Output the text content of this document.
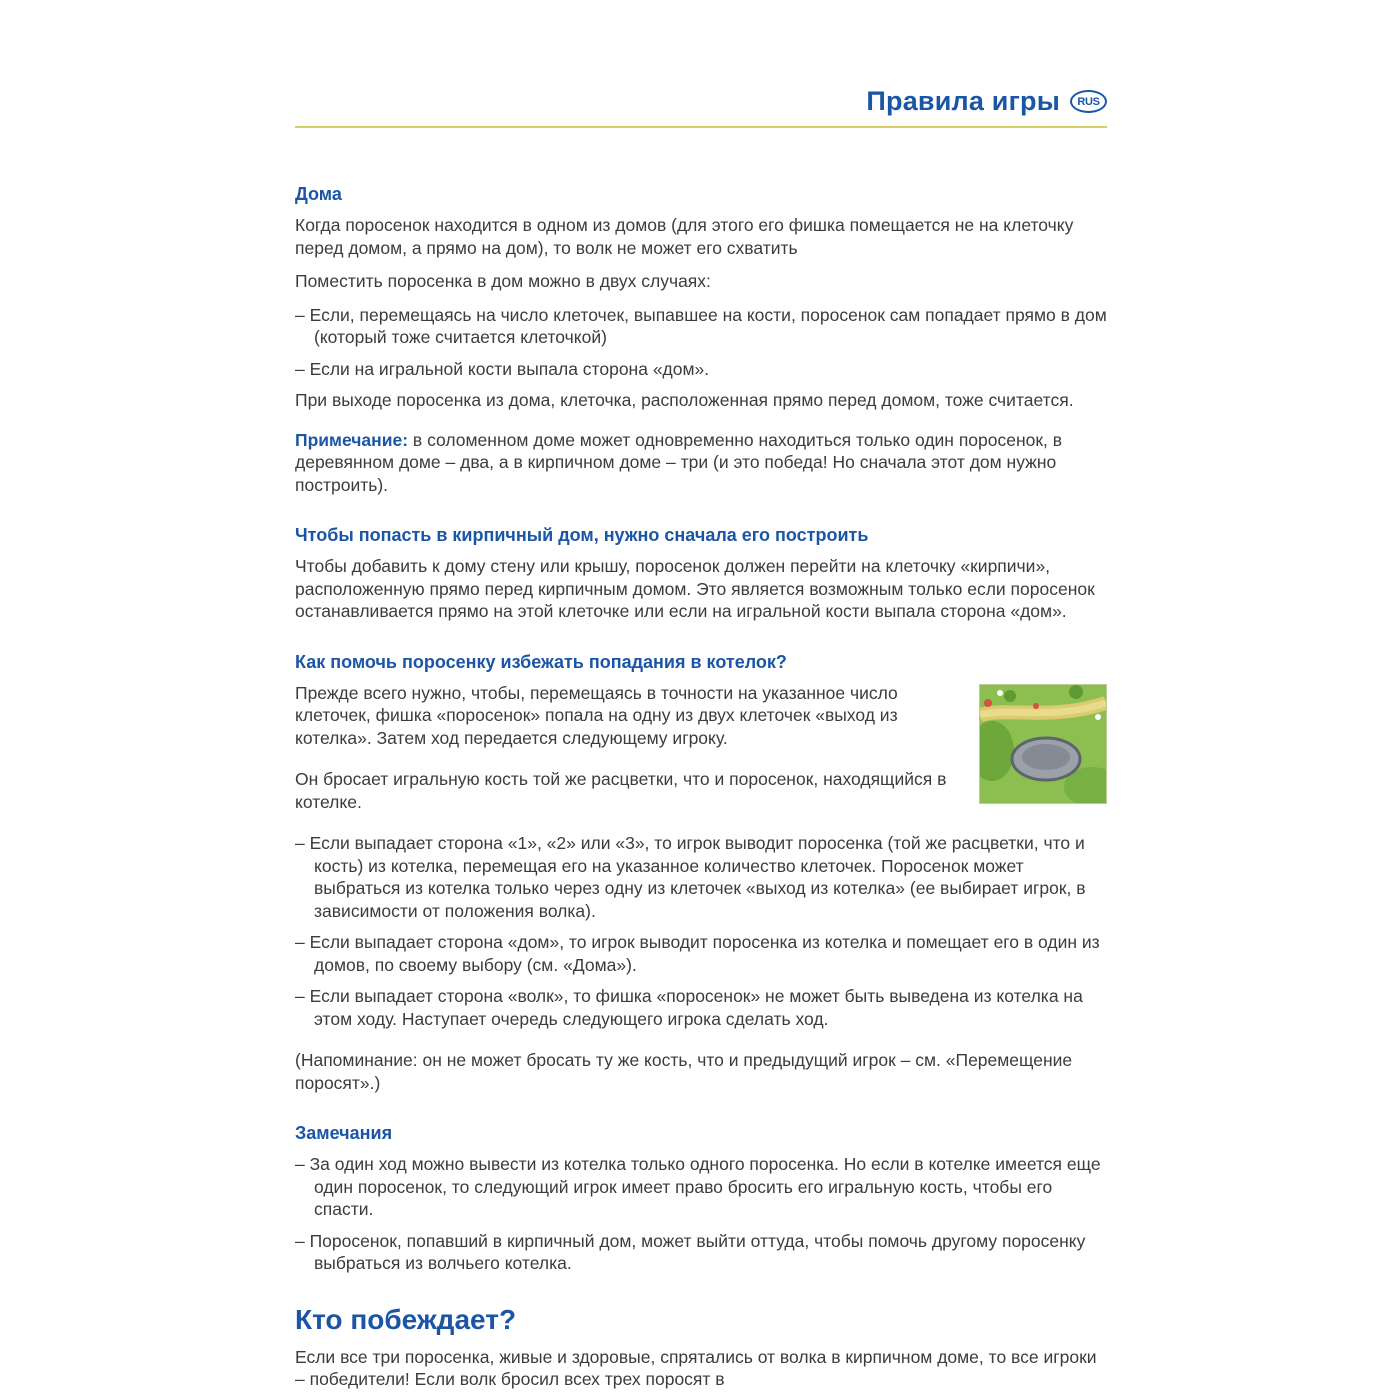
Правила игры RUS
Дома

Когда поросенок находится в одном из домов (для этого его фишка помещается не на клеточку перед домом, а прямо на дом), то волк не может его схватить

Поместить поросенка в дом можно в двух случаях:

– Если, перемещаясь на число клеточек, выпавшее на кости, поросенок сам попадает прямо в дом (который тоже считается клеточкой)

– Если на игральной кости выпала сторона «дом».

При выходе поросенка из дома, клеточка, расположенная прямо перед домом, тоже считается.

Примечание: в соломенном доме может одновременно находиться только один поросенок, в деревянном доме – два, а в кирпичном доме – три (и это победа! Но сначала этот дом нужно построить).

Чтобы попасть в кирпичный дом, нужно сначала его построить

Чтобы добавить к дому стену или крышу, поросенок должен перейти на клеточку «кирпичи», расположенную прямо перед кирпичным домом. Это является возможным только если поросенок останавливается прямо на этой клеточке или если на игральной кости выпала сторона «дом».

Как помочь поросенку избежать попадания в котелок?

Прежде всего нужно, чтобы, перемещаясь в точности на указанное число клеточек, фишка «поросенок» попала на одну из двух клеточек «выход из котелка». Затем ход передается следующему игроку.

Он бросает игральную кость той же расцветки, что и поросенок, находящийся в котелке.

– Если выпадает сторона «1», «2» или «3», то игрок выводит поросенка (той же расцветки, что и кость) из котелка, перемещая его на указанное количество клеточек. Поросенок может выбраться из котелка только через одну из клеточек «выход из котелка» (ее выбирает игрок, в зависимости от положения волка).

– Если выпадает сторона «дом», то игрок выводит поросенка из котелка и помещает его в один из домов, по своему выбору (см. «Дома»).

– Если выпадает сторона «волк», то фишка «поросенок» не может быть выведена из котелка на этом ходу. Наступает очередь следующего игрока сделать ход.

(Напоминание: он не может бросать ту же кость, что и предыдущий игрок – см. «Перемещение поросят».)

Замечания

– За один ход можно вывести из котелка только одного поросенка. Но если в котелке имеется еще один поросенок, то следующий игрок имеет право бросить его игральную кость, чтобы его спасти.

– Поросенок, попавший в кирпичный дом, может выйти оттуда, чтобы помочь другому поросенку выбраться из волчьего котелка.

Кто побеждает?

Если все три поросенка, живые и здоровые, спрятались от волка в кирпичном доме, то все игроки – победители! Если волк бросил всех трех поросят в
